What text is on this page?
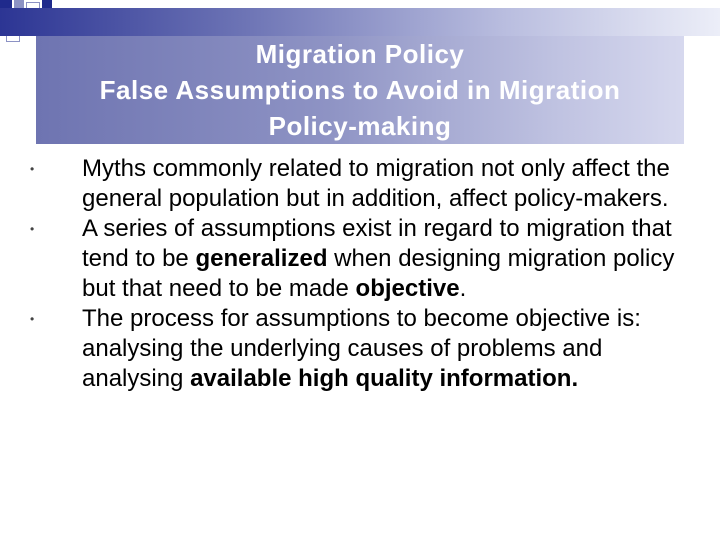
Migration Policy
False Assumptions to Avoid in Migration
Policy-making
•	Myths commonly related to migration not only affect the general population but in addition, affect policy-makers.
•	A series of assumptions exist in regard to migration that tend to be generalized when designing migration policy but that need to be made objective.
•	The process for assumptions to become objective is: analysing the underlying causes of problems and analysing available high quality information.
